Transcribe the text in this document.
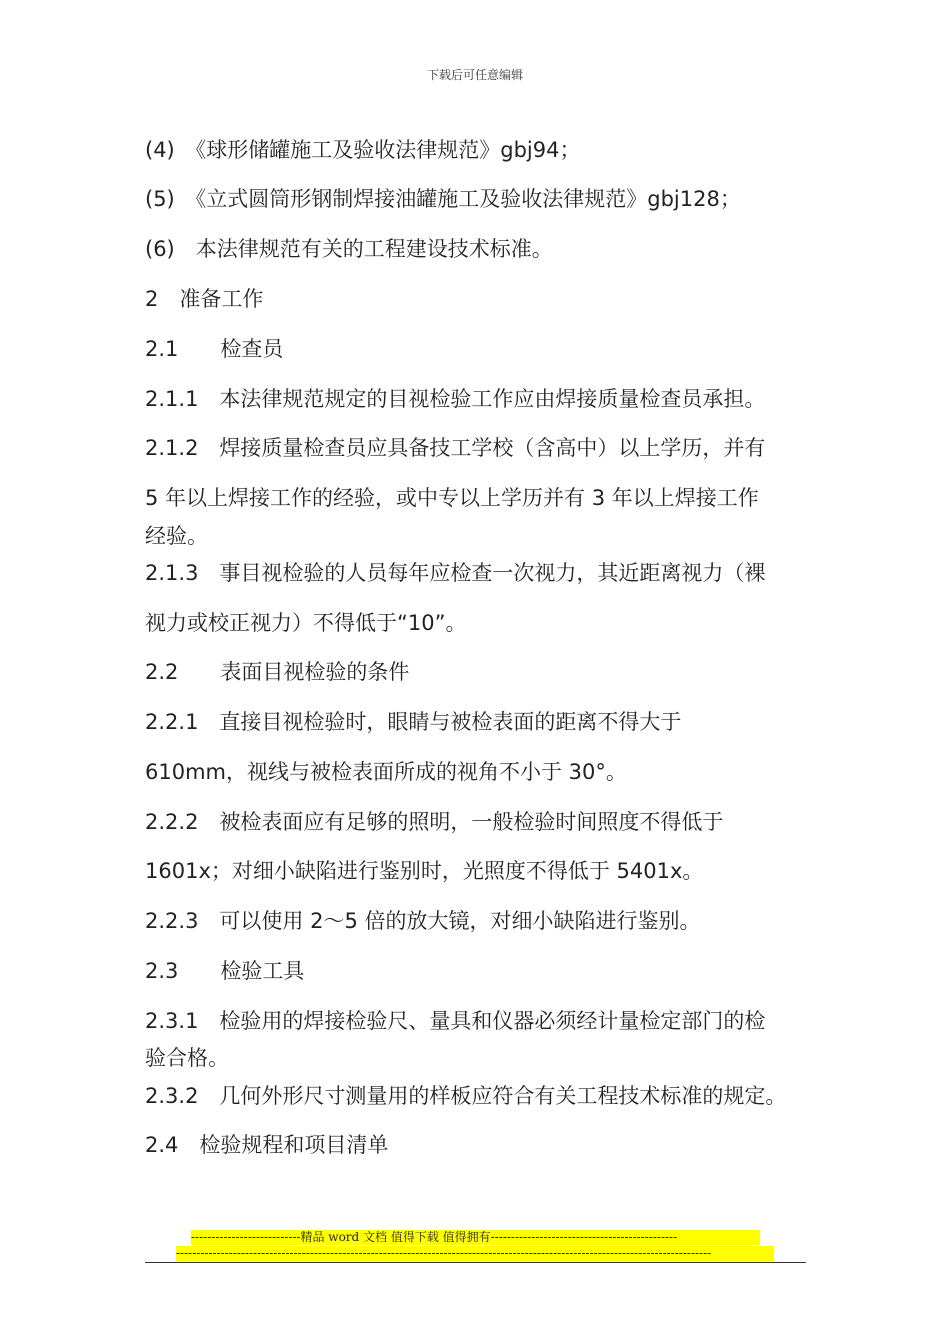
下载后可任意编辑
(4)　《球形储罐施工及验收法律规范》gbj94；
(5)　《立式圆筒形钢制焊接油罐施工及验收法律规范》gbj128；
(6)　本法律规范有关的工程建设技术标准。
2　准备工作
2.1　　检查员
2.1.1　本法律规范规定的目视检验工作应由焊接质量检查员承担。
2.1.2　焊接质量检查员应具备技工学校（含高中）以上学历，并有
5 年以上焊接工作的经验，或中专以上学历并有 3 年以上焊接工作
经验。
2.1.3　事目视检验的人员每年应检查一次视力，其近距离视力（裸
视力或校正视力）不得低于“10”。
2.2　　表面目视检验的条件
2.2.1　直接目视检验时，眼睛与被检表面的距离不得大于
610mm，视线与被检表面所成的视角不小于 30°。
2.2.2　被检表面应有足够的照明，一般检验时间照度不得低于
1601x；对细小缺陷进行鉴别时，光照度不得低于 5401x。
2.2.3　可以使用 2～5 倍的放大镜，对细小缺陷进行鉴别。
2.3　　检验工具
2.3.1　检验用的焊接检验尺、量具和仪器必须经计量检定部门的检
验合格。
2.3.2　几何外形尺寸测量用的样板应符合有关工程技术标准的规定。
2.4　检验规程和项目清单
---------------------------精品 word 文档 值得下载 值得拥有----------------------------------------------
------------------------------------------------------------------------------------------------------------------------------------
